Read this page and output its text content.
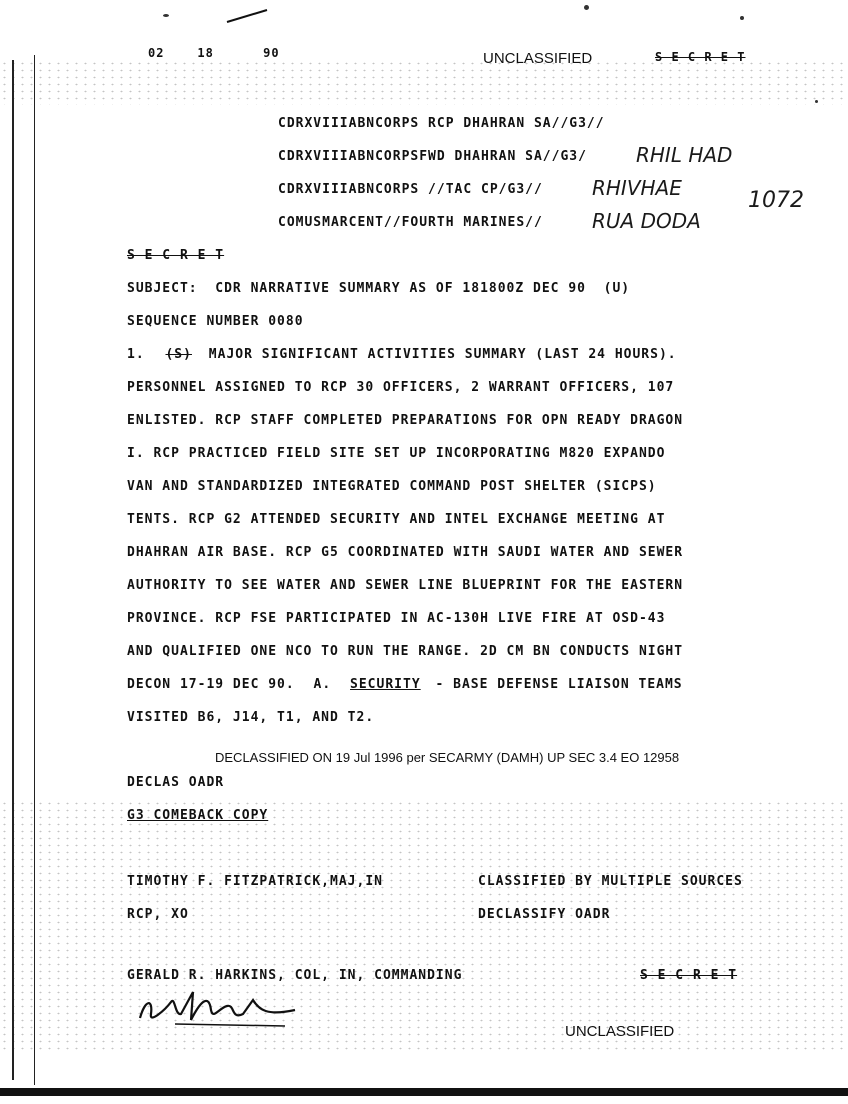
02    18      90	UNCLASSIFIED	S E C R E T
CDRXVIIIABNCORPS RCP DHAHRAN SA//G3//
CDRXVIIIABNCORPSFWD DHAHRAN SA//G3/ RHIL HAD
CDRXVIIIABNCORPS //TAC CP/G3// RHIVHAE
COMUSMARCENT//FOURTH MARINES// RUA DODA
1072
S E C R E T
SUBJECT:  CDR NARRATIVE SUMMARY AS OF 181800Z DEC 90  (U)
SEQUENCE NUMBER 0080
1. (S) MAJOR SIGNIFICANT ACTIVITIES SUMMARY (LAST 24 HOURS).
PERSONNEL ASSIGNED TO RCP 30 OFFICERS, 2 WARRANT OFFICERS, 107
ENLISTED. RCP STAFF COMPLETED PREPARATIONS FOR OPN READY DRAGON
I. RCP PRACTICED FIELD SITE SET UP INCORPORATING M820 EXPANDO
VAN AND STANDARDIZED INTEGRATED COMMAND POST SHELTER (SICPS)
TENTS. RCP G2 ATTENDED SECURITY AND INTEL EXCHANGE MEETING AT
DHAHRAN AIR BASE. RCP G5 COORDINATED WITH SAUDI WATER AND SEWER
AUTHORITY TO SEE WATER AND SEWER LINE BLUEPRINT FOR THE EASTERN
PROVINCE. RCP FSE PARTICIPATED IN AC-130H LIVE FIRE AT OSD-43
AND QUALIFIED ONE NCO TO RUN THE RANGE. 2D CM BN CONDUCTS NIGHT
DECON 17-19 DEC 90. A. SECURITY - BASE DEFENSE LIAISON TEAMS
VISITED B6, J14, T1, AND T2.
DECLASSIFIED ON 19 Jul 1996 per SECARMY (DAMH) UP SEC 3.4 EO 12958
DECLAS OADR
G3 COMEBACK COPY
TIMOTHY F. FITZPATRICK,MAJ,IN	CLASSIFIED BY MULTIPLE SOURCES
RCP, XO	DECLASSIFY OADR
GERALD R. HARKINS, COL, IN, COMMANDING	S E C R E T
UNCLASSIFIED
